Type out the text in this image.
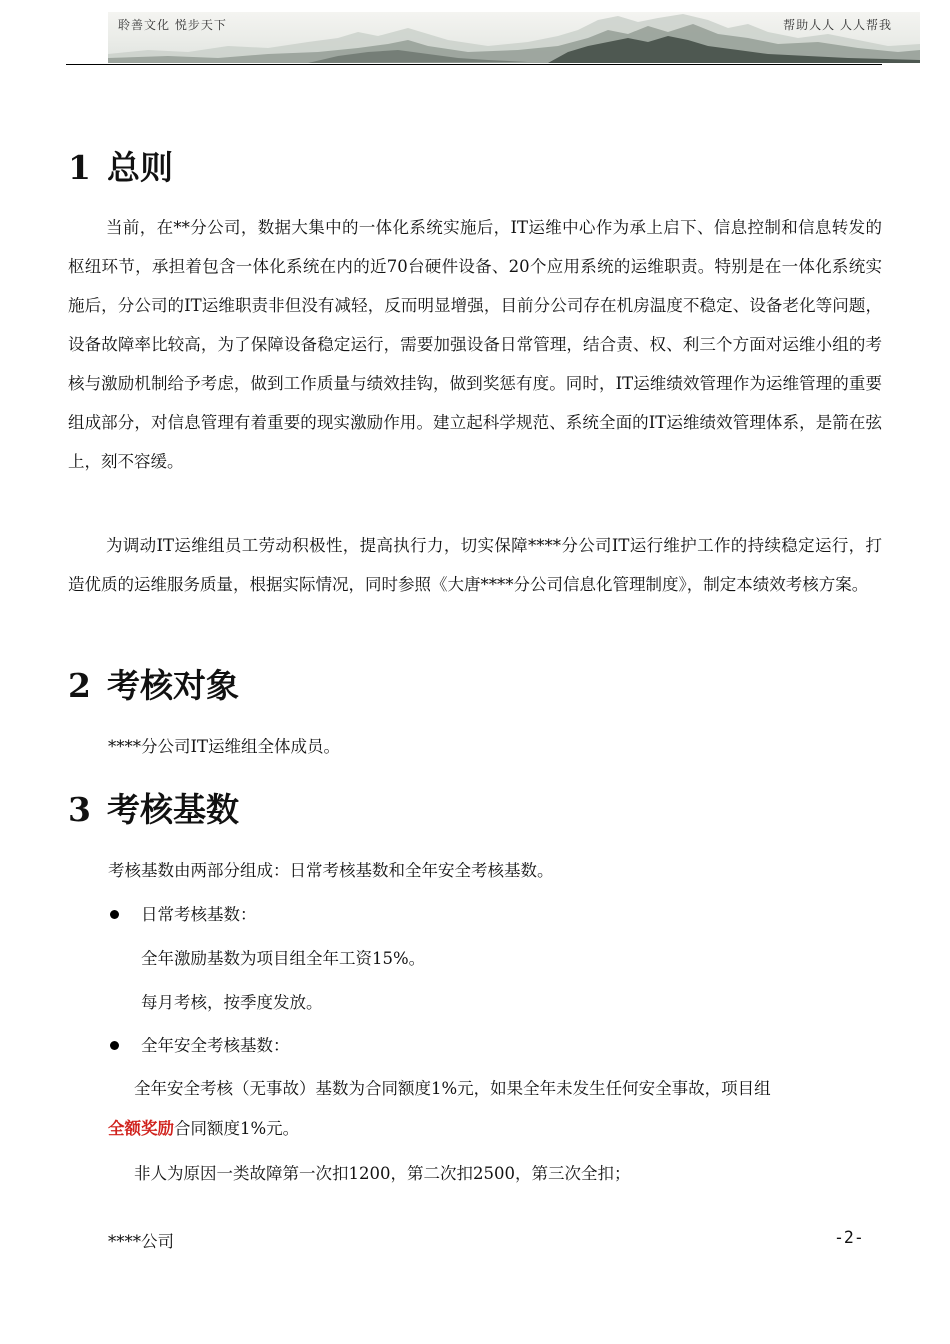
聆善文化 悦步天下	帮助人人 人人帮我
1 总则

当前，在**分公司，数据大集中的一体化系统实施后，IT运维中心作为承上启下、信息控制和信息转发的枢纽环节，承担着包含一体化系统在内的近70台硬件设备、20个应用系统的运维职责。特别是在一体化系统实施后，分公司的IT运维职责非但没有减轻，反而明显增强，目前分公司存在机房温度不稳定、设备老化等问题，设备故障率比较高，为了保障设备稳定运行，需要加强设备日常管理，结合责、权、利三个方面对运维小组的考核与激励机制给予考虑，做到工作质量与绩效挂钩，做到奖惩有度。同时，IT运维绩效管理作为运维管理的重要组成部分，对信息管理有着重要的现实激励作用。建立起科学规范、系统全面的IT运维绩效管理体系，是箭在弦上，刻不容缓。

为调动IT运维组员工劳动积极性，提高执行力，切实保障****分公司IT运行维护工作的持续稳定运行，打造优质的运维服务质量，根据实际情况，同时参照《大唐****分公司信息化管理制度》，制定本绩效考核方案。

2 考核对象

****分公司IT运维组全体成员。

3 考核基数

考核基数由两部分组成：日常考核基数和全年安全考核基数。

日常考核基数：

全年激励基数为项目组全年工资15%。

每月考核，按季度发放。

全年安全考核基数：

全年安全考核（无事故）基数为合同额度1%元，如果全年未发生任何安全事故，项目组

全额奖励合同额度1%元。

非人为原因一类故障第一次扣1200，第二次扣2500，第三次全扣；

****公司	-2-
